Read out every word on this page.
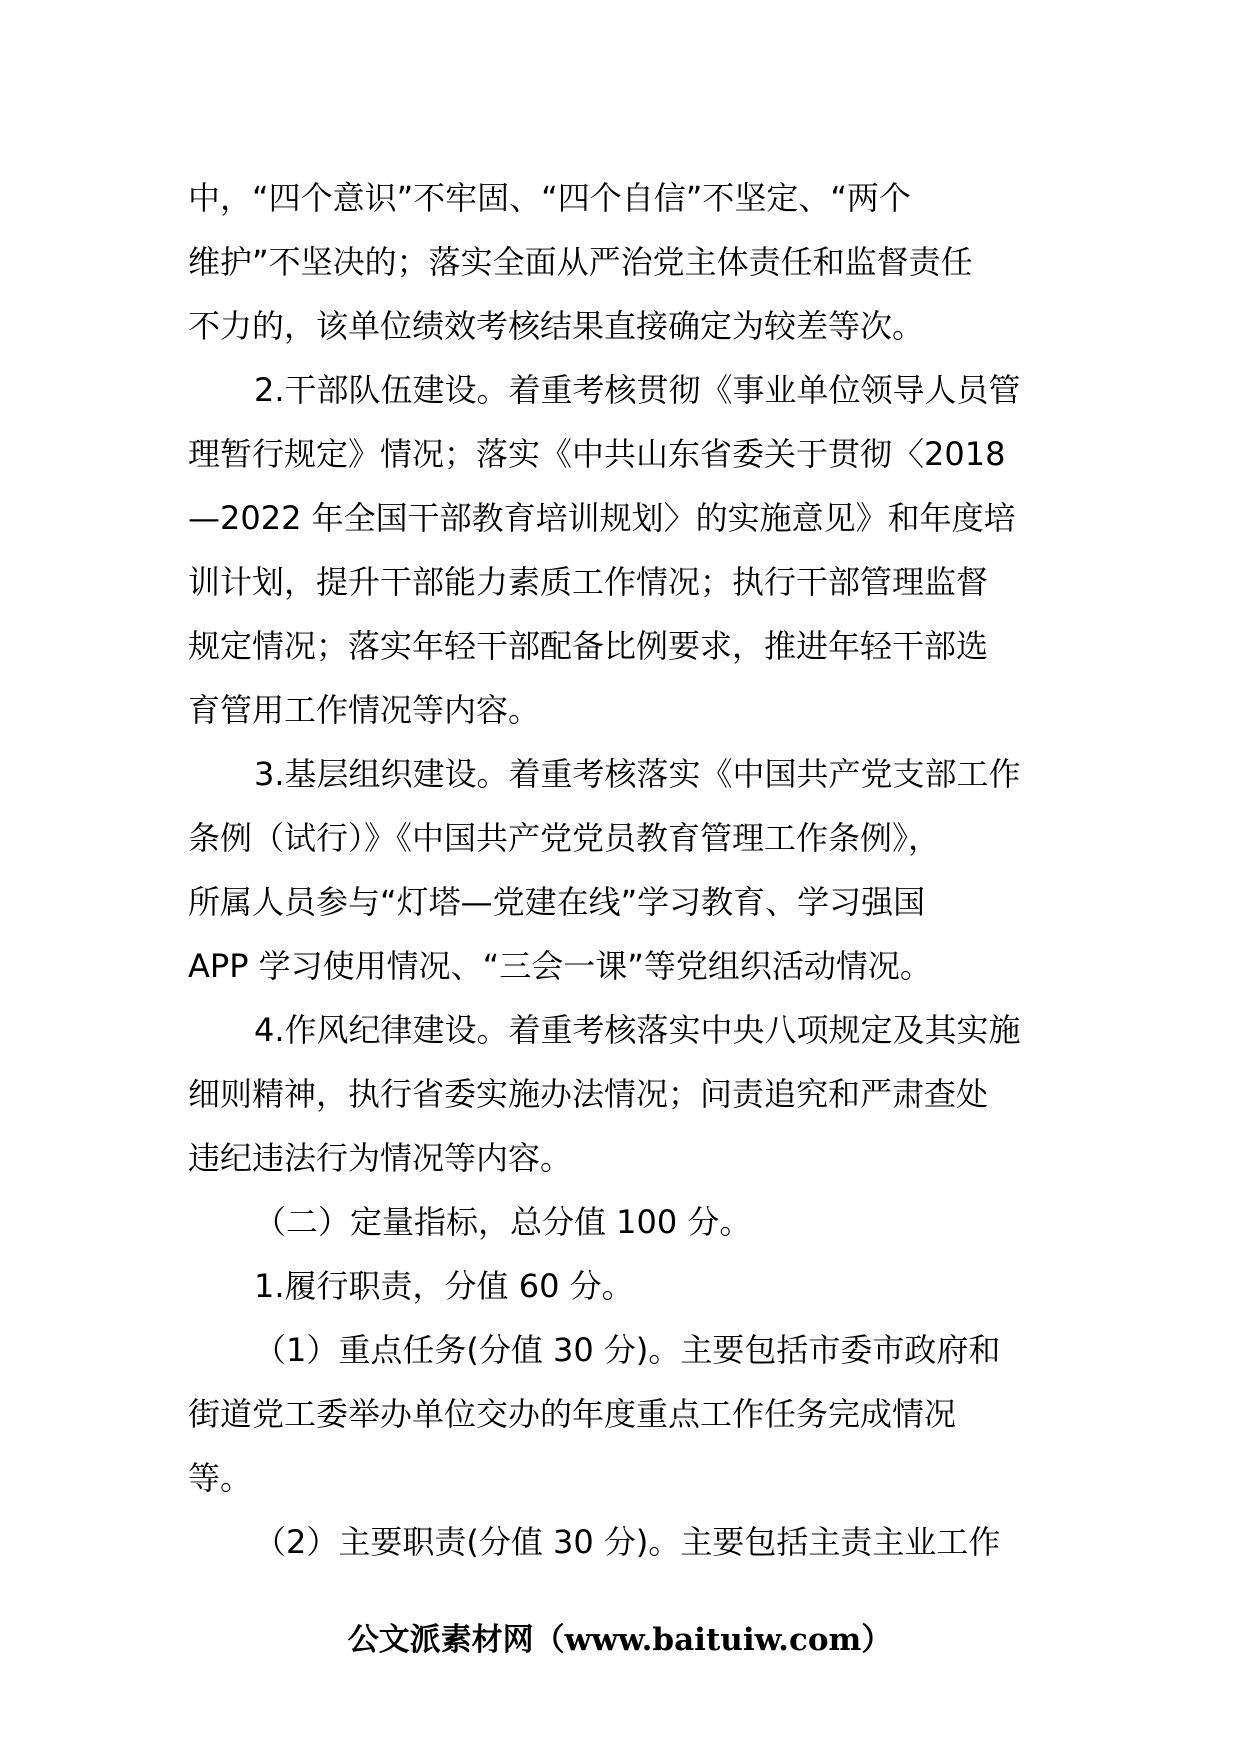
中，“四个意识”不牢固、“四个自信”不坚定、“两个
维护”不坚决的；落实全面从严治党主体责任和监督责任
不力的，该单位绩效考核结果直接确定为较差等次。
2.干部队伍建设。着重考核贯彻《事业单位领导人员管
理暂行规定》情况；落实《中共山东省委关于贯彻〈2018
—2022 年全国干部教育培训规划〉的实施意见》和年度培
训计划，提升干部能力素质工作情况；执行干部管理监督
规定情况；落实年轻干部配备比例要求，推进年轻干部选
育管用工作情况等内容。
3.基层组织建设。着重考核落实《中国共产党支部工作
条例（试行）》《中国共产党党员教育管理工作条例》，
所属人员参与“灯塔—党建在线”学习教育、学习强国
APP 学习使用情况、“三会一课”等党组织活动情况。
4.作风纪律建设。着重考核落实中央八项规定及其实施
细则精神，执行省委实施办法情况；问责追究和严肃查处
违纪违法行为情况等内容。
（二）定量指标，总分值 100 分。
1.履行职责，分值 60 分。
（1）重点任务(分值 30 分)。主要包括市委市政府和
街道党工委举办单位交办的年度重点工作任务完成情况
等。
（2）主要职责(分值 30 分)。主要包括主责主业工作
公文派素材网（www.baituiw.com）
